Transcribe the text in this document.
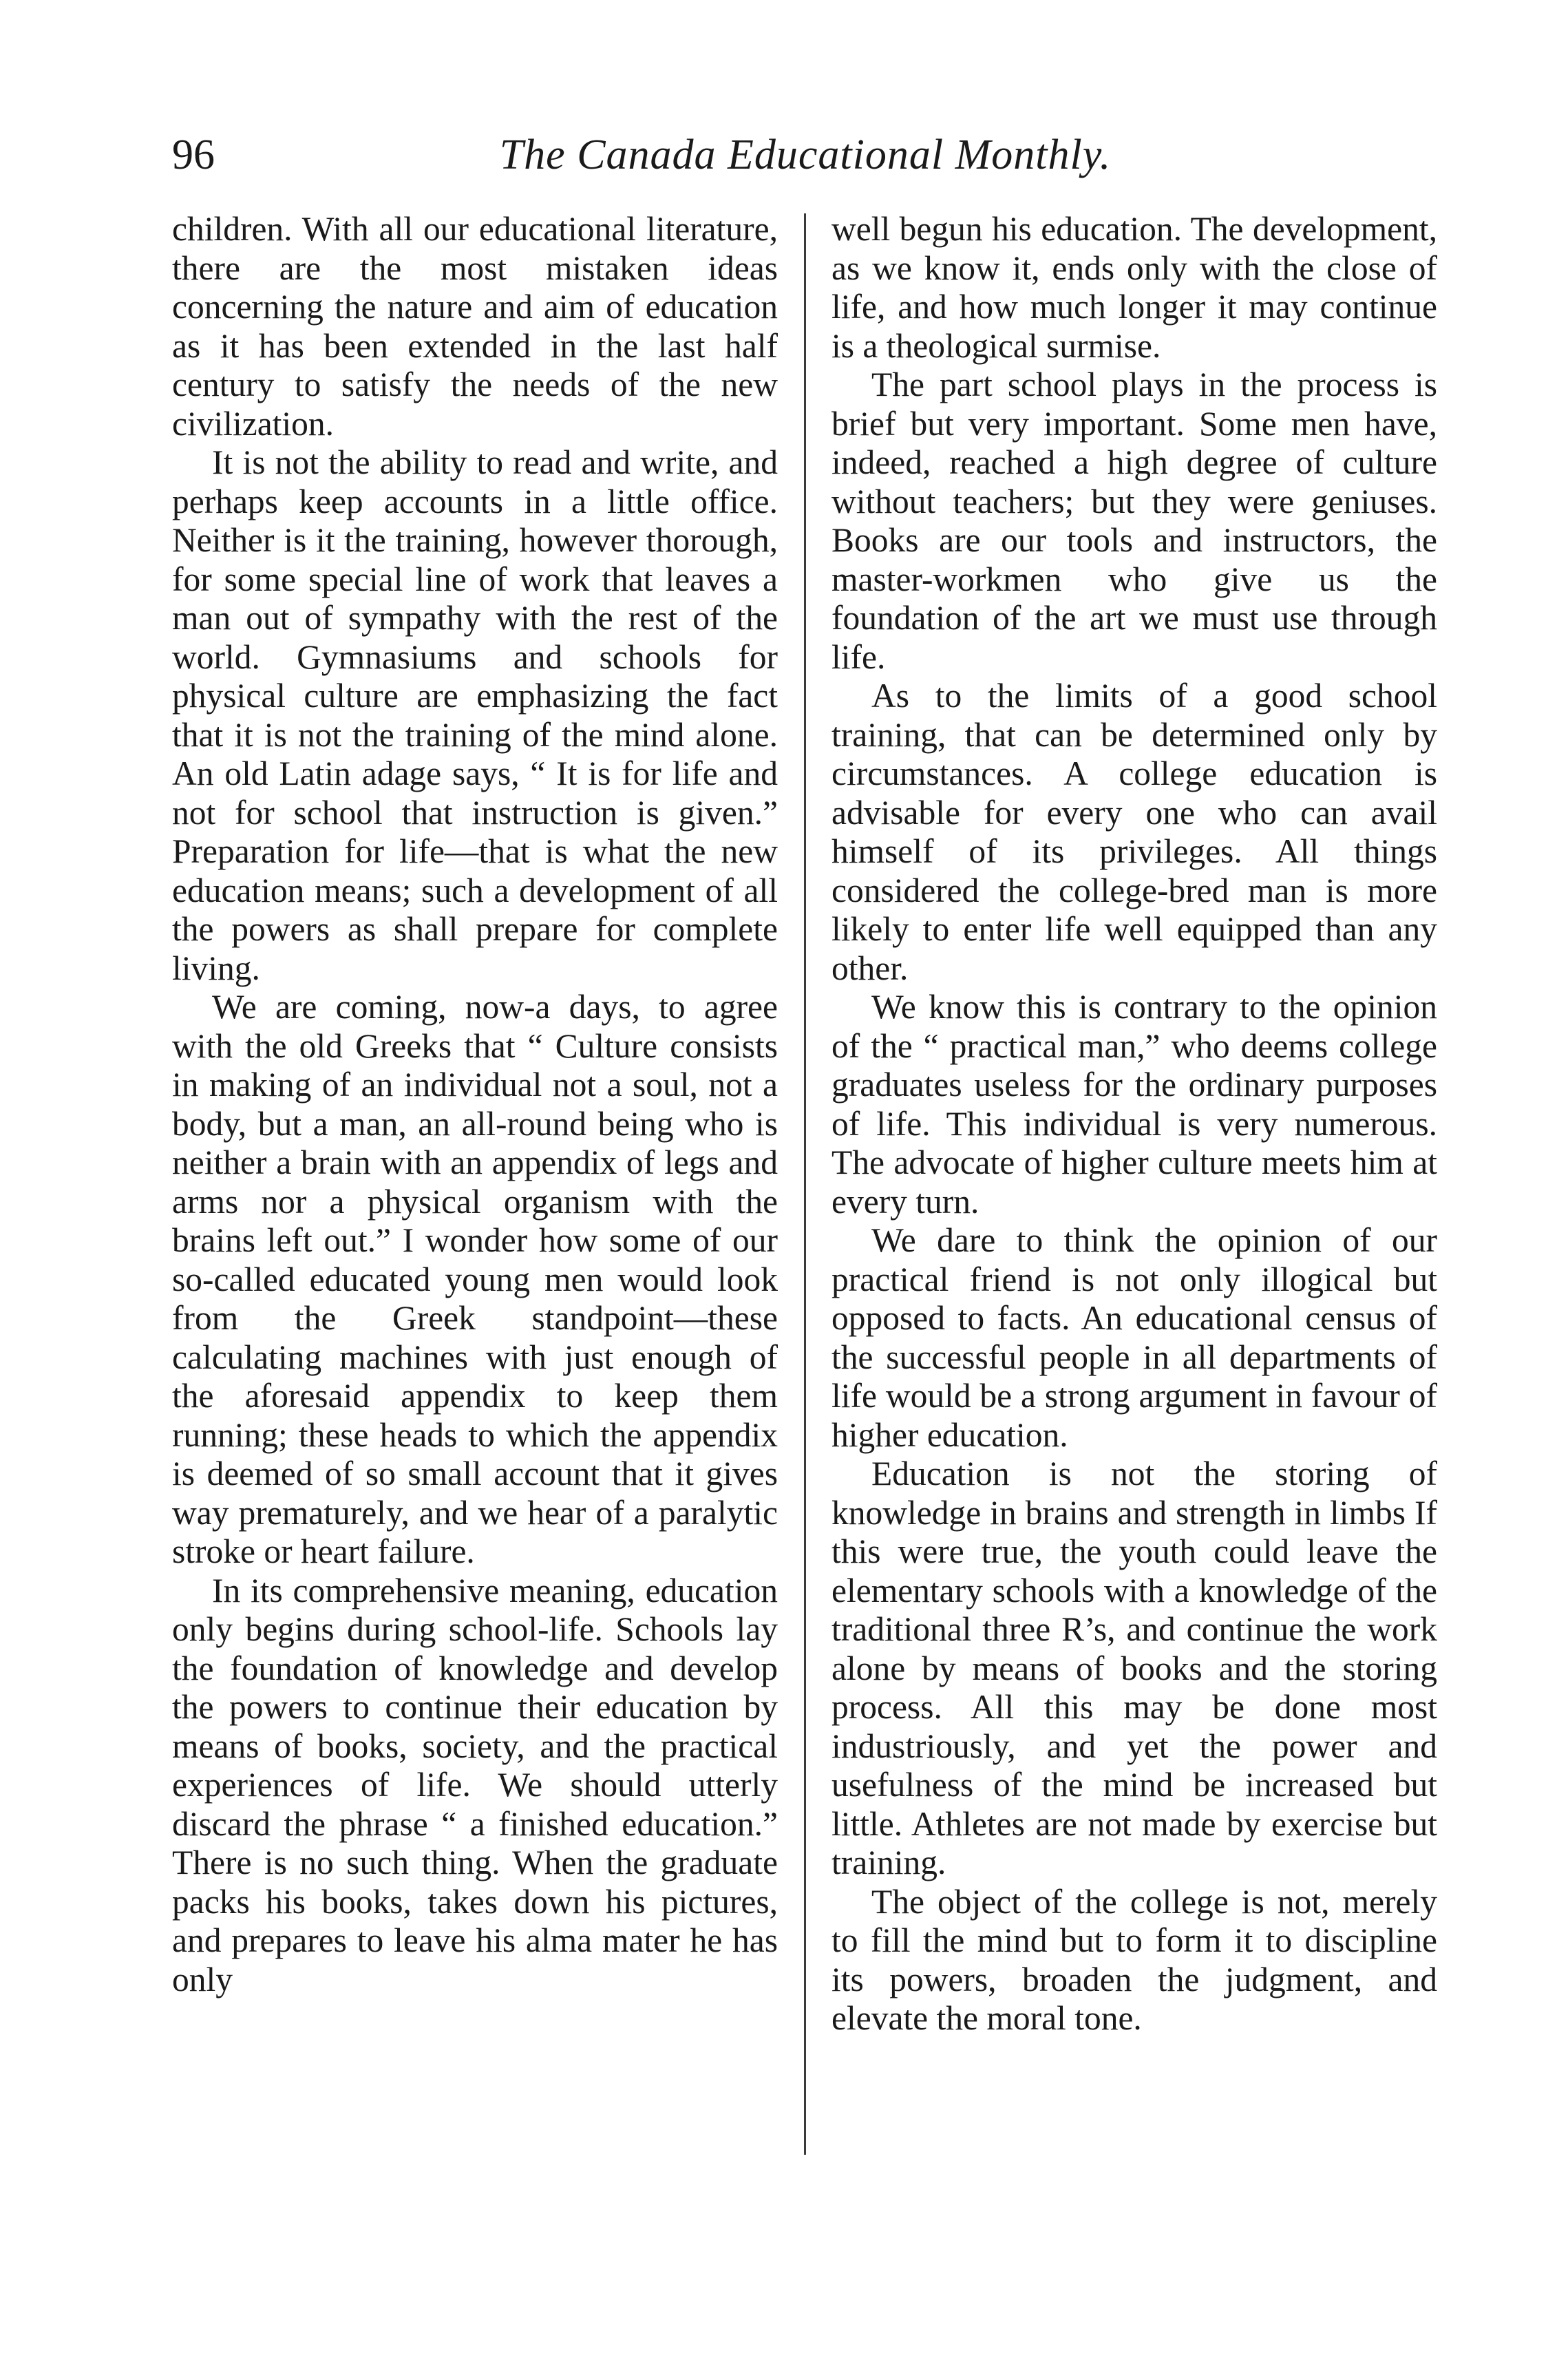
96	The Canada Educational Monthly.

children. With all our educational literature, there are the most mistaken ideas concerning the nature and aim of education as it has been extended in the last half century to satisfy the needs of the new civilization.

It is not the ability to read and write, and perhaps keep accounts in a little office. Neither is it the training, however thorough, for some special line of work that leaves a man out of sympathy with the rest of the world. Gymnasiums and schools for physical culture are emphasizing the fact that it is not the training of the mind alone. An old Latin adage says, “ It is for life and not for school that instruction is given.” Preparation for life—that is what the new education means; such a development of all the powers as shall prepare for complete living.

We are coming, now-a days, to agree with the old Greeks that “ Culture consists in making of an individual not a soul, not a body, but a man, an all-round being who is neither a brain with an appendix of legs and arms nor a physical organism with the brains left out.” I wonder how some of our so-called educated young men would look from the Greek standpoint—these calculating machines with just enough of the aforesaid appendix to keep them running; these heads to which the appendix is deemed of so small account that it gives way prematurely, and we hear of a paralytic stroke or heart failure.

In its comprehensive meaning, education only begins during school-life. Schools lay the foundation of knowledge and develop the powers to continue their education by means of books, society, and the practical experiences of life. We should utterly discard the phrase “ a finished education.” There is no such thing. When the graduate packs his books, takes down his pictures, and prepares to leave his alma mater he has only

well begun his education. The development, as we know it, ends only with the close of life, and how much longer it may continue is a theological surmise.

The part school plays in the process is brief but very important. Some men have, indeed, reached a high degree of culture without teachers; but they were geniuses. Books are our tools and instructors, the master-workmen who give us the foundation of the art we must use through life.

As to the limits of a good school training, that can be determined only by circumstances. A college education is advisable for every one who can avail himself of its privileges. All things considered the college-bred man is more likely to enter life well equipped than any other.

We know this is contrary to the opinion of the “ practical man,” who deems college graduates useless for the ordinary purposes of life. This individual is very numerous. The advocate of higher culture meets him at every turn.

We dare to think the opinion of our practical friend is not only illogical but opposed to facts. An educational census of the successful people in all departments of life would be a strong argument in favour of higher education.

Education is not the storing of knowledge in brains and strength in limbs If this were true, the youth could leave the elementary schools with a knowledge of the traditional three R’s, and continue the work alone by means of books and the storing process. All this may be done most industriously, and yet the power and usefulness of the mind be increased but little. Athletes are not made by exercise but training.

The object of the college is not, merely to fill the mind but to form it to discipline its powers, broaden the judgment, and elevate the moral tone.
